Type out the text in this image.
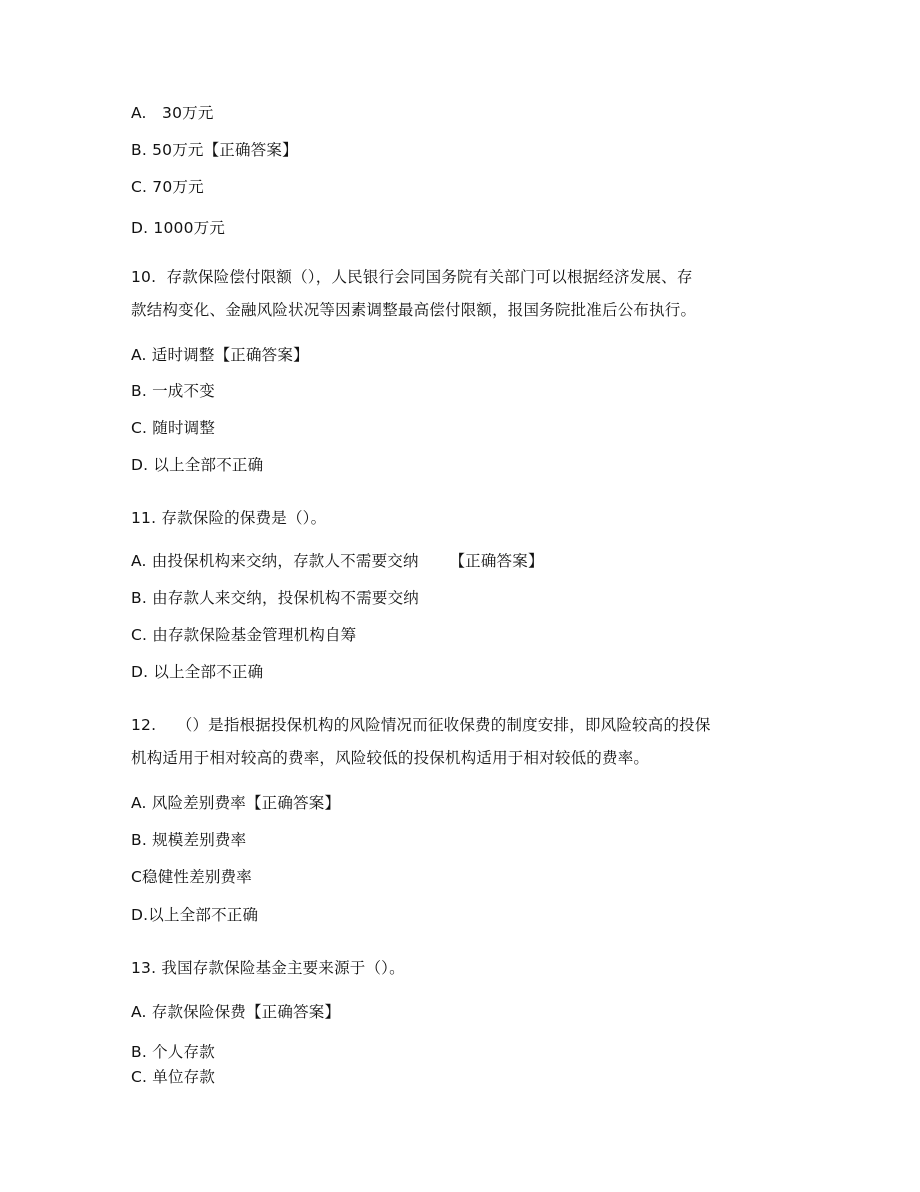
A.   30万元
B. 50万元【正确答案】
C. 70万元
D. 1000万元
10.  存款保险偿付限额（），人民银行会同国务院有关部门可以根据经济发展、存
款结构变化、金融风险状况等因素调整最高偿付限额，报国务院批准后公布执行。
A. 适时调整【正确答案】
B. 一成不变
C. 随时调整
D. 以上全部不正确
11. 存款保险的保费是（）。
A. 由投保机构来交纳，存款人不需要交纳      【正确答案】
B. 由存款人来交纳，投保机构不需要交纳
C. 由存款保险基金管理机构自筹
D. 以上全部不正确
12.    （）是指根据投保机构的风险情况而征收保费的制度安排，即风险较高的投保
机构适用于相对较高的费率，风险较低的投保机构适用于相对较低的费率。
A. 风险差别费率【正确答案】
B. 规模差别费率
C稳健性差别费率
D.以上全部不正确
13. 我国存款保险基金主要来源于（）。
A. 存款保险保费【正确答案】
B. 个人存款
C. 单位存款
